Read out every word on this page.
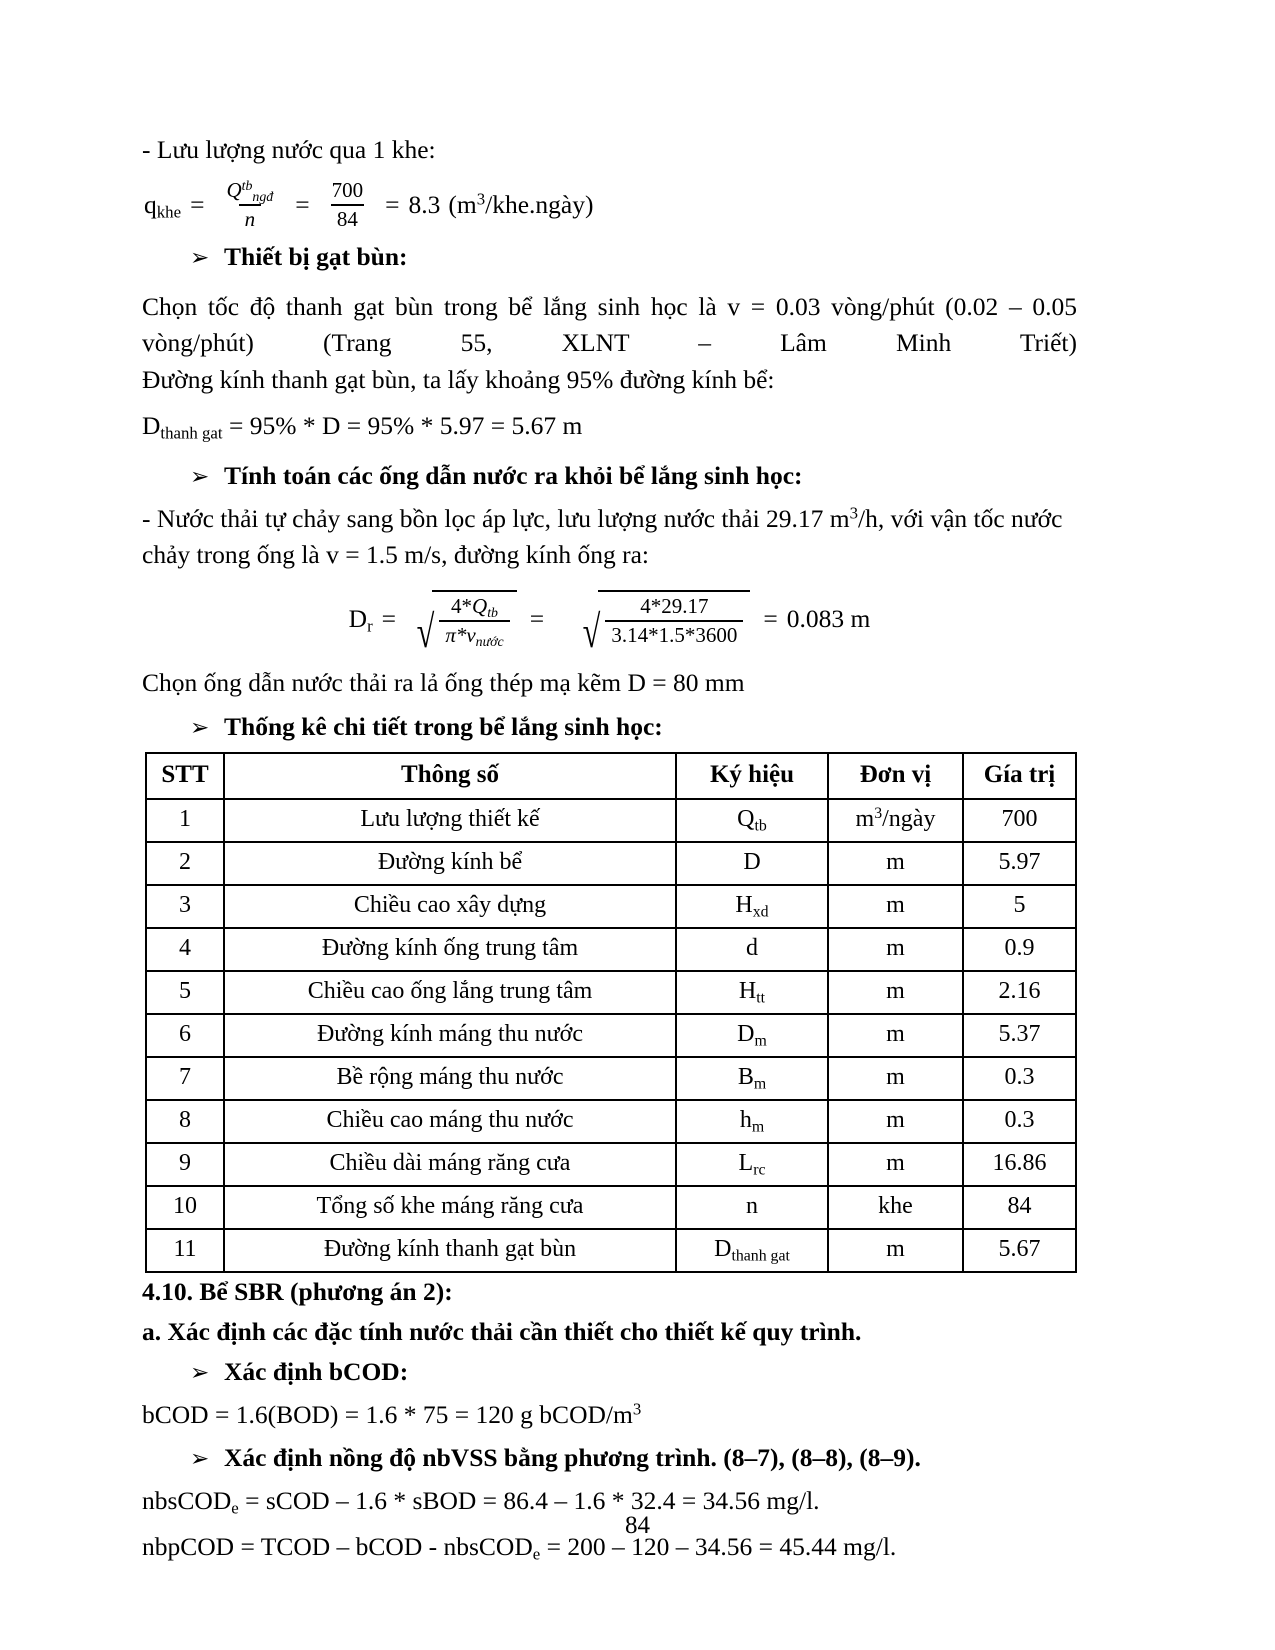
- Lưu lượng nước qua 1 khe:

$q_{khe} = \frac{Q^{tb}_{ngđ}}{n} = \frac{700}{84} = 8.3$ $(m^3/khe.ngày)$
➢ Thiết bị gạt bùn:

Chọn tốc độ thanh gạt bùn trong bể lắng sinh học là v = 0.03 vòng/phút (0.02 – 0.05 vòng/phút) (Trang 55, XLNT – Lâm Minh Triết)

Đường kính thanh gạt bùn, ta lấy khoảng 95% đường kính bể:

$D_{thanh gat} = 95\% * D = 95\% * 5.97 = 5.67$ m

➢ Tính toán các ống dẫn nước ra khỏi bể lắng sinh học:

- Nước thải tự chảy sang bồn lọc áp lực, lưu lượng nước thải 29.17 $m^3/h$, với vận tốc nước chảy trong ống là v = 1.5 m/s, đường kính ống ra:

$D_r$ = √ $\frac{4*Q_{tb}}{\pi*v_{nước}}$ = √ $\frac{4*29.17}{3.14*1.5*3600} = 0.083$ m

Chọn ống dẫn nước thải ra lả ống thép mạ kẽm D = 80 mm

➢ Thống kê chi tiết trong bể lắng sinh học:
STT	Thông số	Ký hiệu	Đơn vị	Gía trị
1	Lưu lượng thiết kế	$Q_{tb}$	$m^3$/ngày	700
2	Đường kính bể	D	m	5.97
3	Chiều cao xây dựng	$H_{xd}$	m	5
4	Đường kính ống trung tâm	d	m	0.9
5	Chiều cao ống lắng trung tâm	$H_{tt}$	m	2.16
6	Đường kính máng thu nước	$D_m$	m	5.37
7	Bề rộng máng thu nước	$B_m$	m	0.3
8	Chiều cao máng thu nước	$h_m$	m	0.3
9	Chiều dài máng răng cưa	$L_{rc}$	m	16.86
10	Tổng số khe máng răng cưa	n	khe	84
11	Đường kính thanh gạt bùn	$D_{thanh gat}$	m	5.67

4.10. Bể SBR (phương án 2):

a. Xác định các đặc tính nước thải cần thiết cho thiết kế quy trình.

➢ Xác định bCOD:

bCOD = 1.6(BOD) = 1.6 * 75 = 120 g bCOD/$m^3$

➢ Xác định nồng độ nbVSS bằng phương trình. (8–7), (8–8), (8–9).

nbsCOD$_e$ = sCOD – 1.6 * sBOD = 86.4 – 1.6 * 32.4 = 34.56 mg/l.

nbpCOD = TCOD – bCOD - nbsCOD$_e$ = 200 – 120 – 34.56 = 45.44 mg/l.

84
